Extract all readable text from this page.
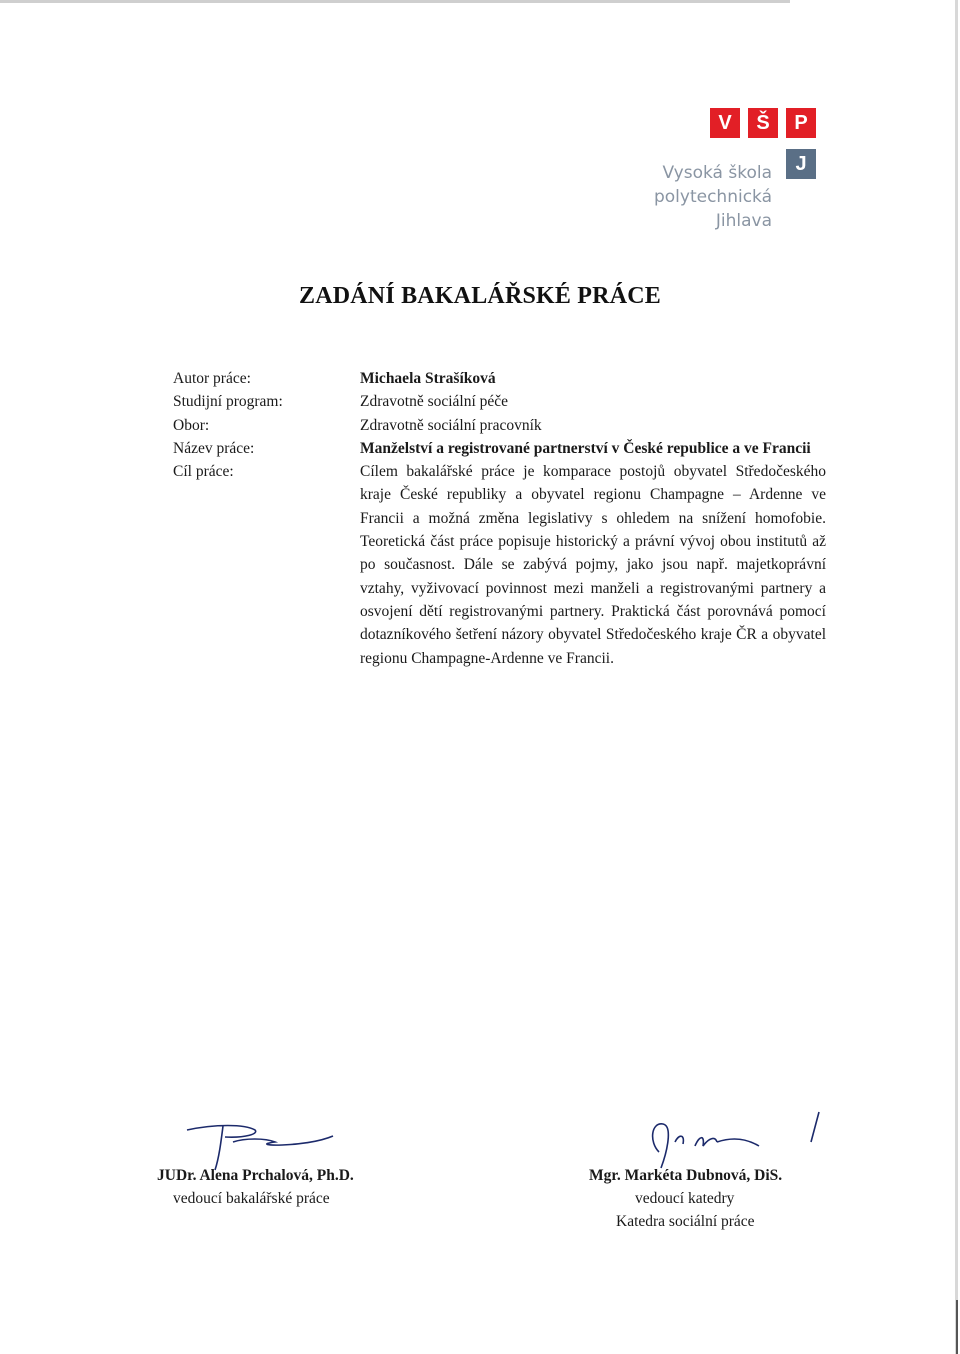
V	Š	P
J
Vysoká škola
polytechnická
Jihlava
ZADÁNÍ BAKALÁŘSKÉ PRÁCE
Autor práce:	Michaela Strašíková
Studijní program:	Zdravotně sociální péče
Obor:	Zdravotně sociální pracovník
Název práce:	Manželství a registrované partnerství v České republice a ve Francii
Cíl práce:	Cílem bakalářské práce je komparace postojů obyvatel Středočeského kraje České republiky a obyvatel regionu Champagne – Ardenne ve Francii a možná změna legislativy s ohledem na snížení homofobie. Teoretická část práce popisuje historický a právní vývoj obou institutů až po současnost. Dále se zabývá pojmy, jako jsou např. majetkoprávní vztahy, vyživovací povinnost mezi manželi a registrovanými partnery a osvojení dětí registrovanými partnery. Praktická část porovnává pomocí dotazníkového šetření názory obyvatel Středočeského kraje ČR a obyvatel regionu Champagne-Ardenne ve Francii.
JUDr. Alena Prchalová, Ph.D.
vedoucí bakalářské práce
Mgr. Markéta Dubnová, DiS.
vedoucí katedry
Katedra sociální práce
